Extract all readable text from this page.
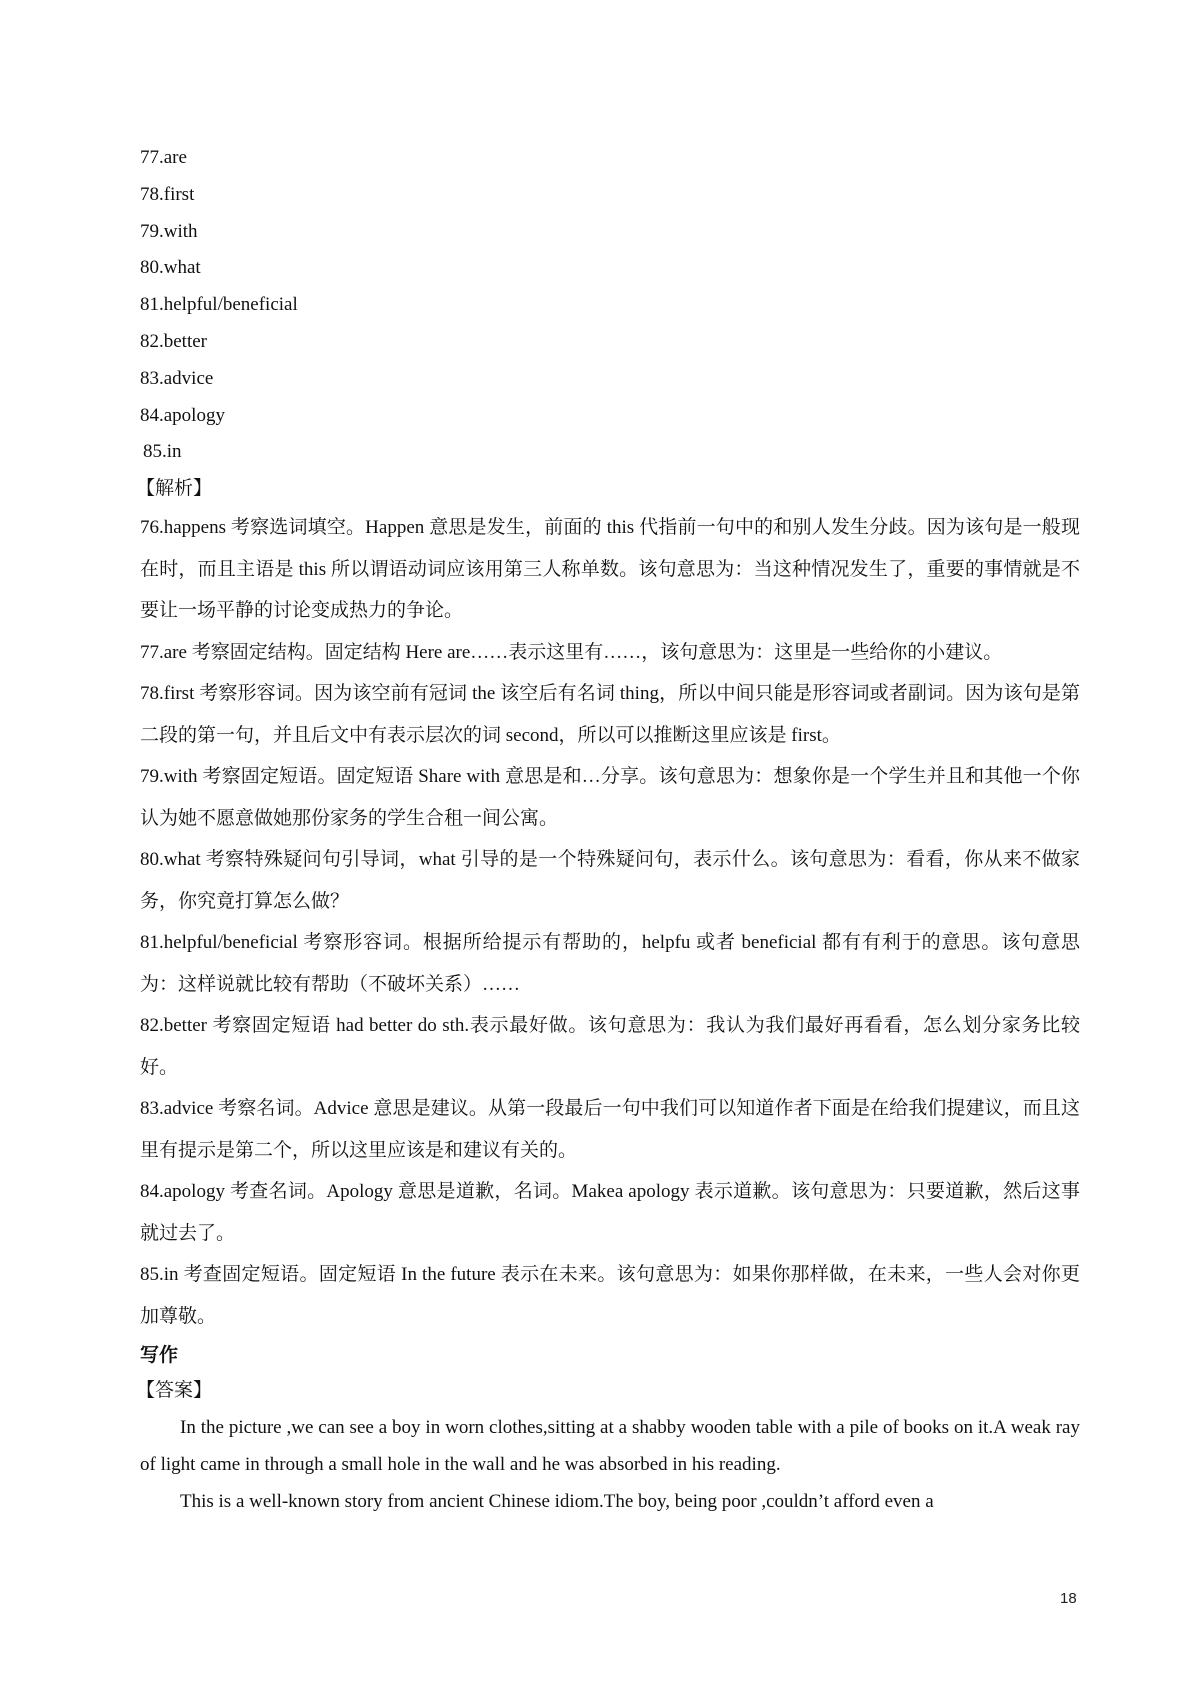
77.are
78.first
79.with
80.what
81.helpful/beneficial
82.better
83.advice
84.apology
85.in
【解析】
76.happens 考察选词填空。Happen 意思是发生，前面的 this 代指前一句中的和别人发生分歧。因为该句是一般现在时，而且主语是 this 所以谓语动词应该用第三人称单数。该句意思为：当这种情况发生了，重要的事情就是不要让一场平静的讨论变成热力的争论。
77.are 考察固定结构。固定结构 Here are……表示这里有……，该句意思为：这里是一些给你的小建议。
78.first 考察形容词。因为该空前有冠词 the 该空后有名词 thing，所以中间只能是形容词或者副词。因为该句是第二段的第一句，并且后文中有表示层次的词 second，所以可以推断这里应该是 first。
79.with 考察固定短语。固定短语 Share with 意思是和…分享。该句意思为：想象你是一个学生并且和其他一个你认为她不愿意做她那份家务的学生合租一间公寓。
80.what 考察特殊疑问句引导词，what 引导的是一个特殊疑问句，表示什么。该句意思为：看看，你从来不做家务，你究竟打算怎么做？
81.helpful/beneficial 考察形容词。根据所给提示有帮助的，helpfu 或者 beneficial 都有有利于的意思。该句意思为：这样说就比较有帮助（不破坏关系）……
82.better 考察固定短语 had better do sth.表示最好做。该句意思为：我认为我们最好再看看，怎么划分家务比较好。
83.advice 考察名词。Advice 意思是建议。从第一段最后一句中我们可以知道作者下面是在给我们提建议，而且这里有提示是第二个，所以这里应该是和建议有关的。
84.apology 考查名词。Apology 意思是道歉，名词。Makea apology 表示道歉。该句意思为：只要道歉，然后这事就过去了。
85.in 考查固定短语。固定短语 In the future 表示在未来。该句意思为：如果你那样做，在未来，一些人会对你更加尊敬。
写作
【答案】
In the picture ,we can see a boy in worn clothes,sitting at a shabby wooden table with a pile of books on it.A weak ray of light came in through a small hole in the wall and he was absorbed in his reading.
This is a well-known story from ancient Chinese idiom.The boy, being poor ,couldn’t afford even a
18
